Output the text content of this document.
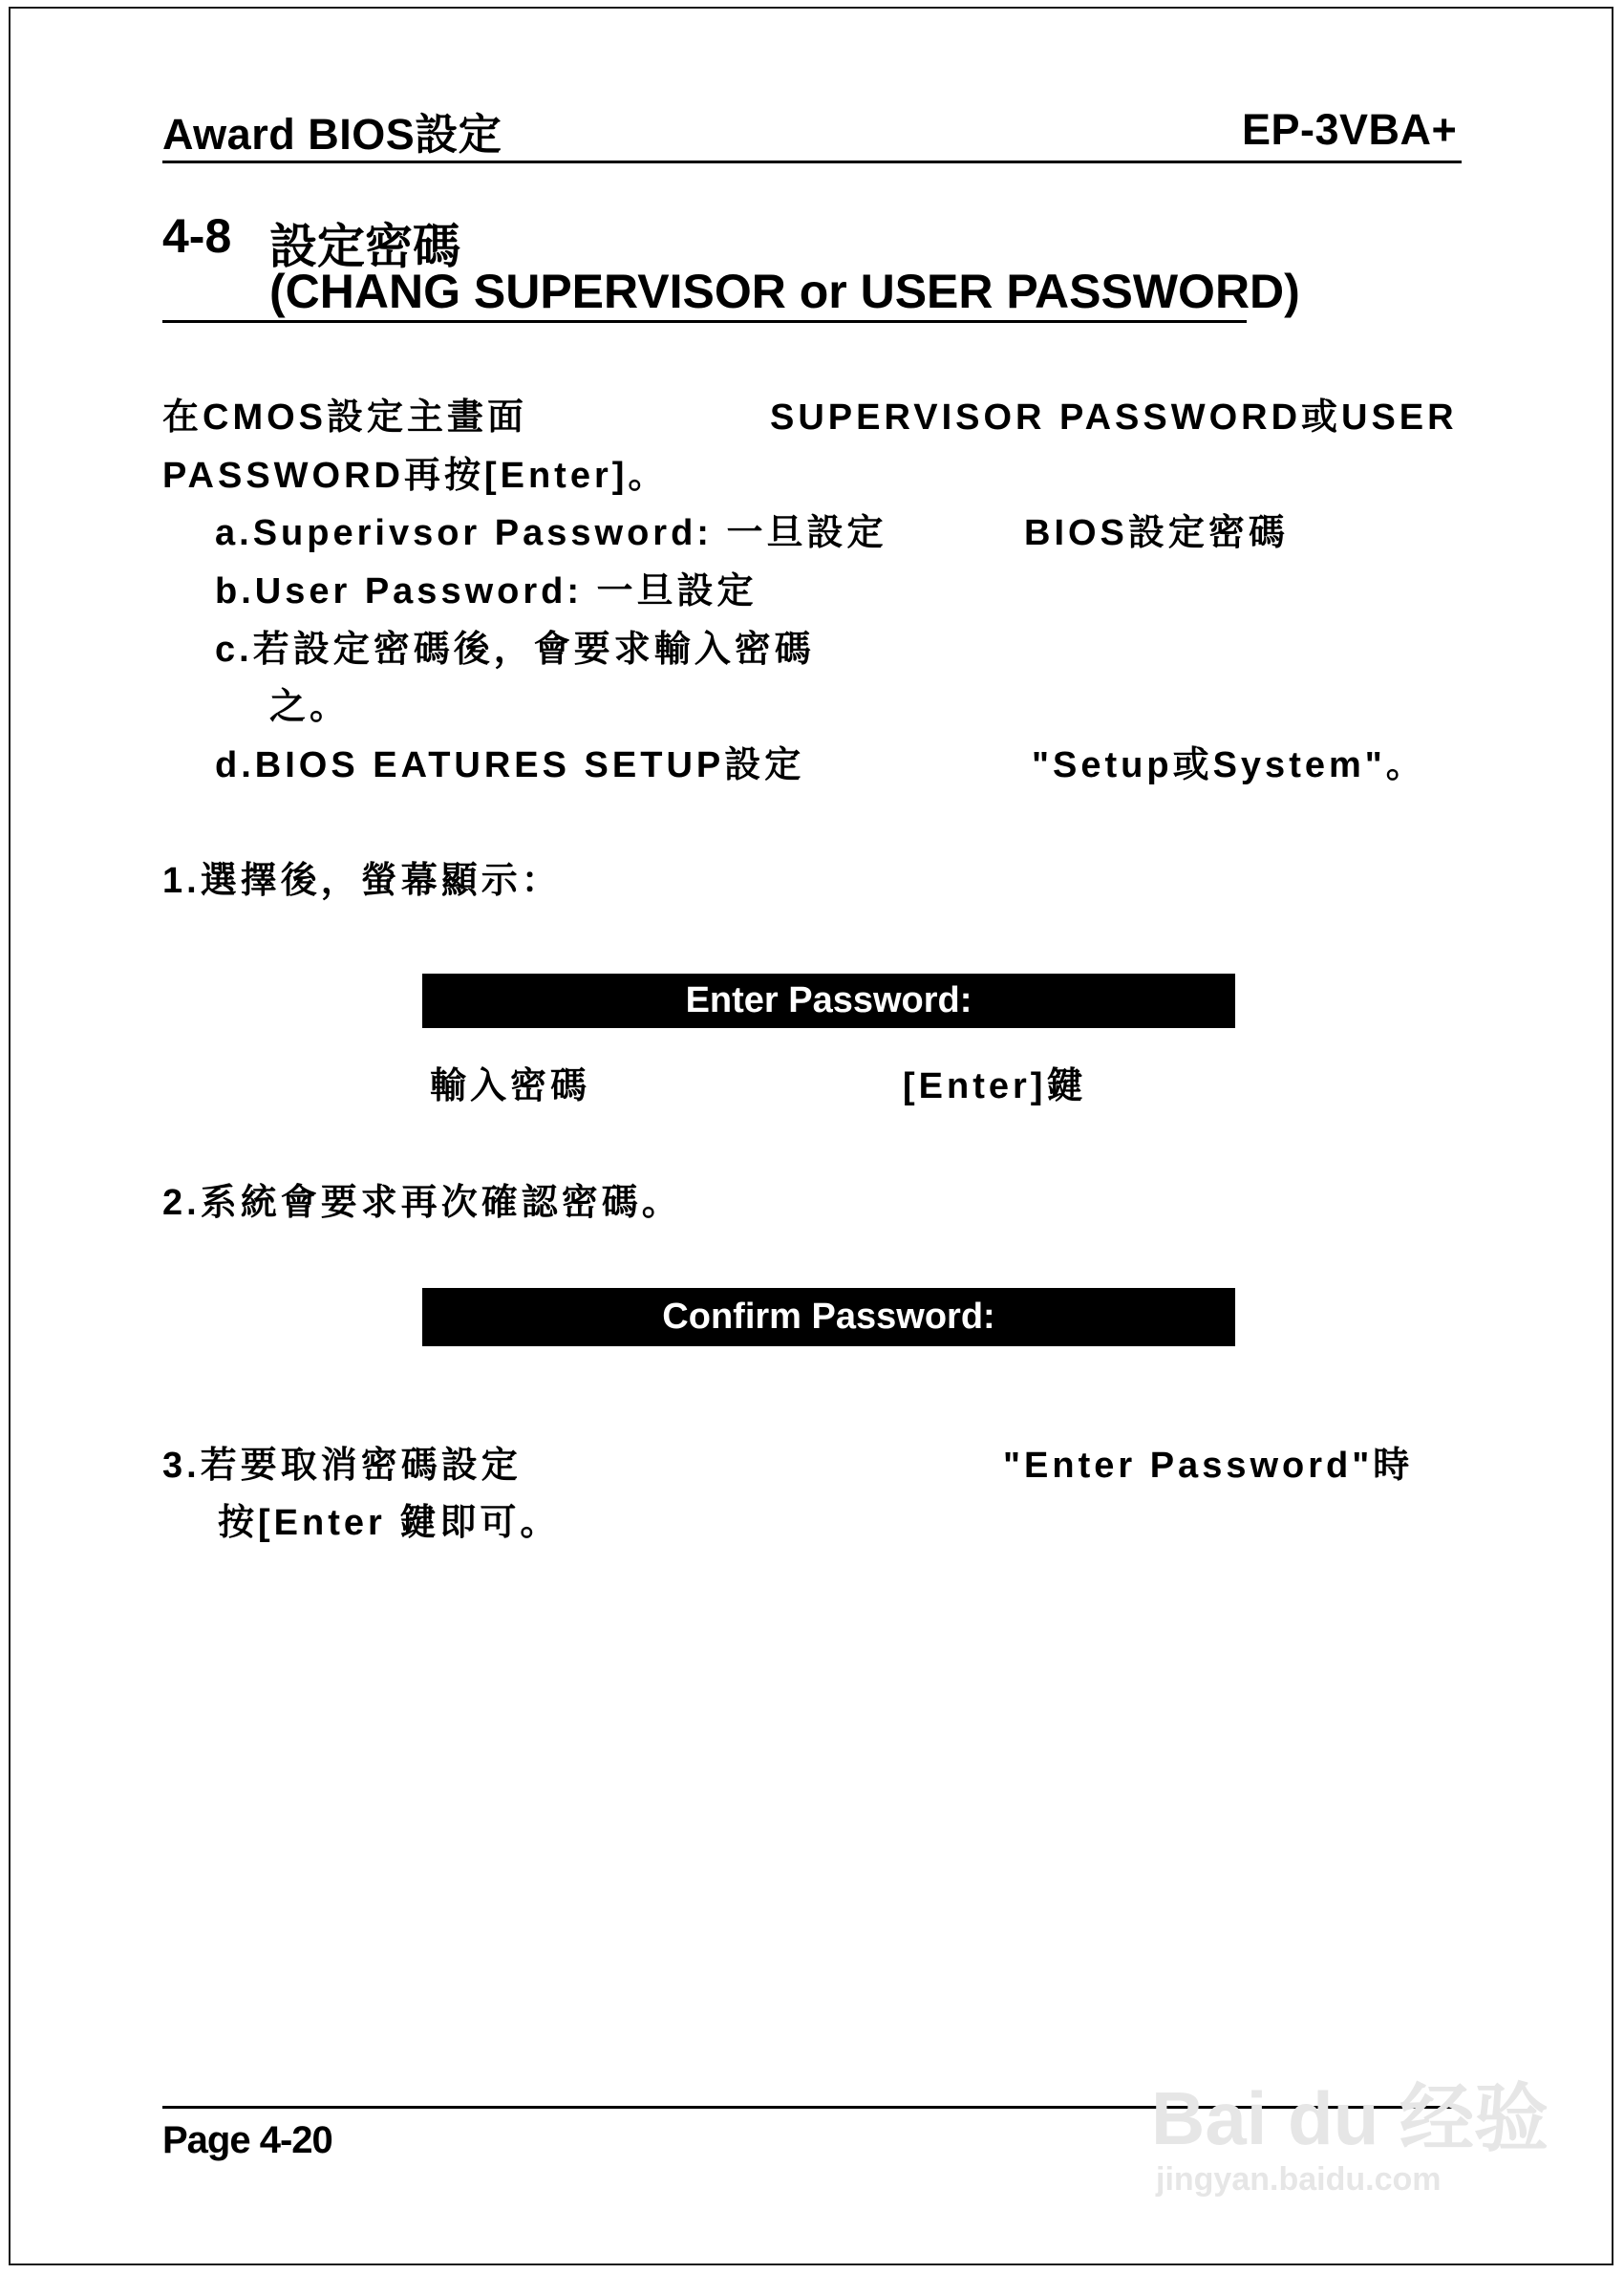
Award BIOS設定	EP-3VBA+
4-8 設定密碼
(CHANG SUPERVISOR or USER PASSWORD)
在CMOS設定主畫面	SUPERVISOR PASSWORD或USER
PASSWORD再按[Enter]。
a.Superivsor Password: 一旦設定	BIOS設定密碼
b.User Password: 一旦設定
c.若設定密碼後，會要求輸入密碼
之。
d.BIOS EATURES SETUP設定	"Setup或System"。
1.選擇後，螢幕顯示：
Enter Password:
輸入密碼	[Enter]鍵
2.系統會要求再次確認密碼。
Confirm Password:
3.若要取消密碼設定	"Enter Password"時
按[Enter 鍵即可。
Page 4-20	Bai du 经验
jingyan.baidu.com
